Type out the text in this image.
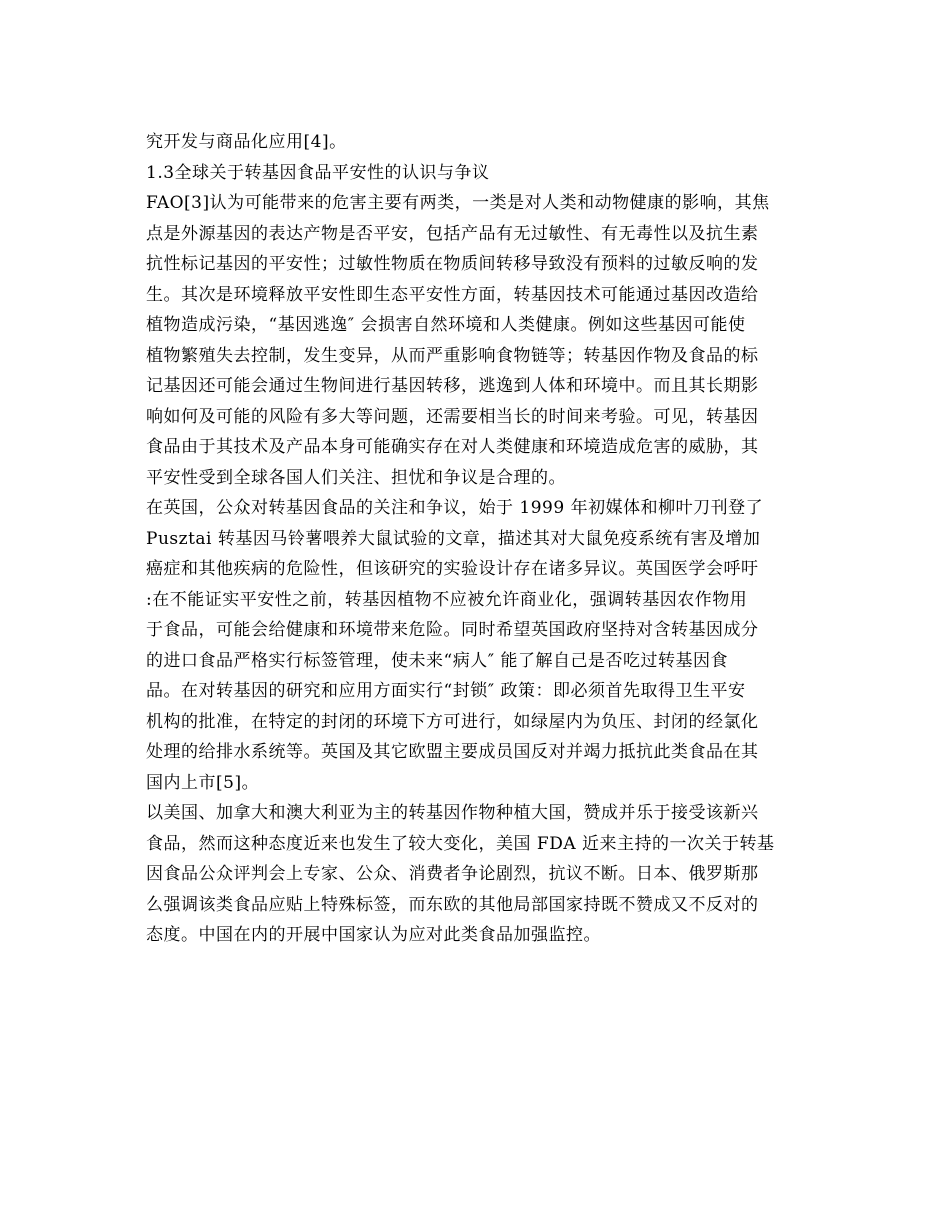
究开发与商品化应用[4]。
1.3全球关于转基因食品平安性的认识与争议
FAO[3]认为可能带来的危害主要有两类，一类是对人类和动物健康的影响，其焦
点是外源基因的表达产物是否平安，包括产品有无过敏性、有无毒性以及抗生素
抗性标记基因的平安性；过敏性物质在物质间转移导致没有预料的过敏反响的发
生。其次是环境释放平安性即生态平安性方面，转基因技术可能通过基因改造给
植物造成污染，“基因逃逸″ 会损害自然环境和人类健康。例如这些基因可能使
植物繁殖失去控制，发生变异，从而严重影响食物链等；转基因作物及食品的标
记基因还可能会通过生物间进行基因转移，逃逸到人体和环境中。而且其长期影
响如何及可能的风险有多大等问题，还需要相当长的时间来考验。可见，转基因
食品由于其技术及产品本身可能确实存在对人类健康和环境造成危害的威胁，其
平安性受到全球各国人们关注、担忧和争议是合理的。
在英国，公众对转基因食品的关注和争议，始于 1999 年初媒体和柳叶刀刊登了
Pusztai 转基因马铃薯喂养大鼠试验的文章，描述其对大鼠免疫系统有害及增加
癌症和其他疾病的危险性，但该研究的实验设计存在诸多异议。英国医学会呼吁
:在不能证实平安性之前，转基因植物不应被允许商业化，强调转基因农作物用
于食品，可能会给健康和环境带来危险。同时希望英国政府坚持对含转基因成分
的进口食品严格实行标签管理，使未来“病人″ 能了解自己是否吃过转基因食
品。在对转基因的研究和应用方面实行“封锁″ 政策：即必须首先取得卫生平安
机构的批准，在特定的封闭的环境下方可进行，如绿屋内为负压、封闭的经氯化
处理的给排水系统等。英国及其它欧盟主要成员国反对并竭力抵抗此类食品在其
国内上市[5]。
以美国、加拿大和澳大利亚为主的转基因作物种植大国，赞成并乐于接受该新兴
食品，然而这种态度近来也发生了较大变化，美国 FDA 近来主持的一次关于转基
因食品公众评判会上专家、公众、消费者争论剧烈，抗议不断。日本、俄罗斯那
么强调该类食品应贴上特殊标签，而东欧的其他局部国家持既不赞成又不反对的
态度。中国在内的开展中国家认为应对此类食品加强监控。
